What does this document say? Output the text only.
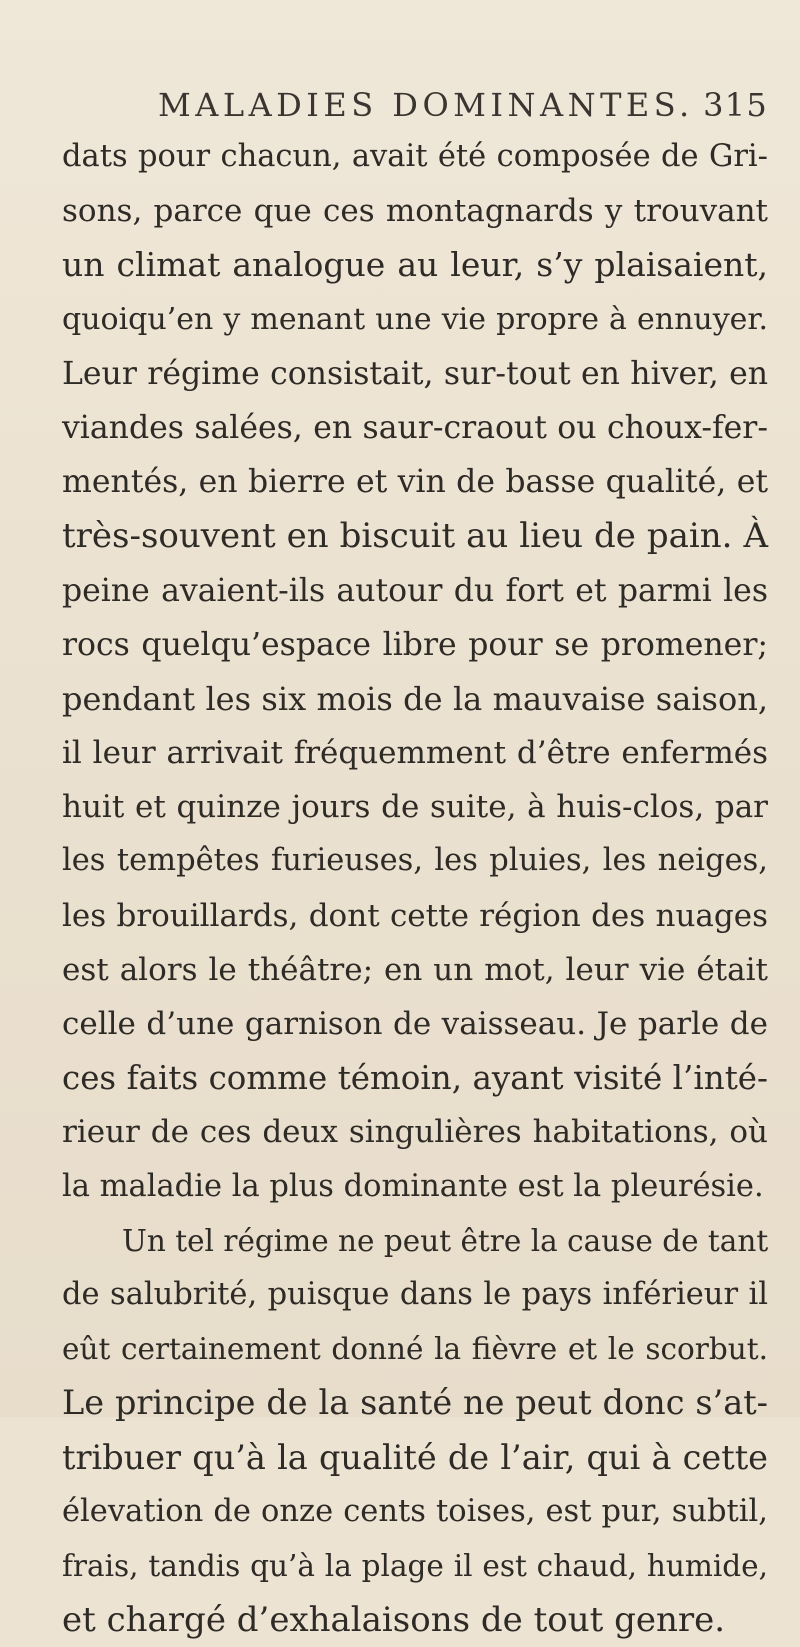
MALADIES DOMINANTES. 315
dats pour chacun, avait été composée de Gri-
sons, parce que ces montagnards y trouvant
un climat analogue au leur, s’y plaisaient,
quoiqu’en y menant une vie propre à ennuyer.
Leur régime consistait, sur-tout en hiver, en
viandes salées, en saur-craout ou choux-fer-
mentés, en bierre et vin de basse qualité, et
très-souvent en biscuit au lieu de pain. À
peine avaient-ils autour du fort et parmi les
rocs quelqu’espace libre pour se promener;
pendant les six mois de la mauvaise saison,
il leur arrivait fréquemment d’être enfermés
huit et quinze jours de suite, à huis-clos, par
les tempêtes furieuses, les pluies, les neiges,
les brouillards, dont cette région des nuages
est alors le théâtre; en un mot, leur vie était
celle d’une garnison de vaisseau. Je parle de
ces faits comme témoin, ayant visité l’inté-
rieur de ces deux singulières habitations, où
la maladie la plus dominante est la pleurésie.
Un tel régime ne peut être la cause de tant
de salubrité, puisque dans le pays inférieur il
eût certainement donné la fièvre et le scorbut.
Le principe de la santé ne peut donc s’at-
tribuer qu’à la qualité de l’air, qui à cette
élevation de onze cents toises, est pur, subtil,
frais, tandis qu’à la plage il est chaud, humide,
et chargé d’exhalaisons de tout genre.
